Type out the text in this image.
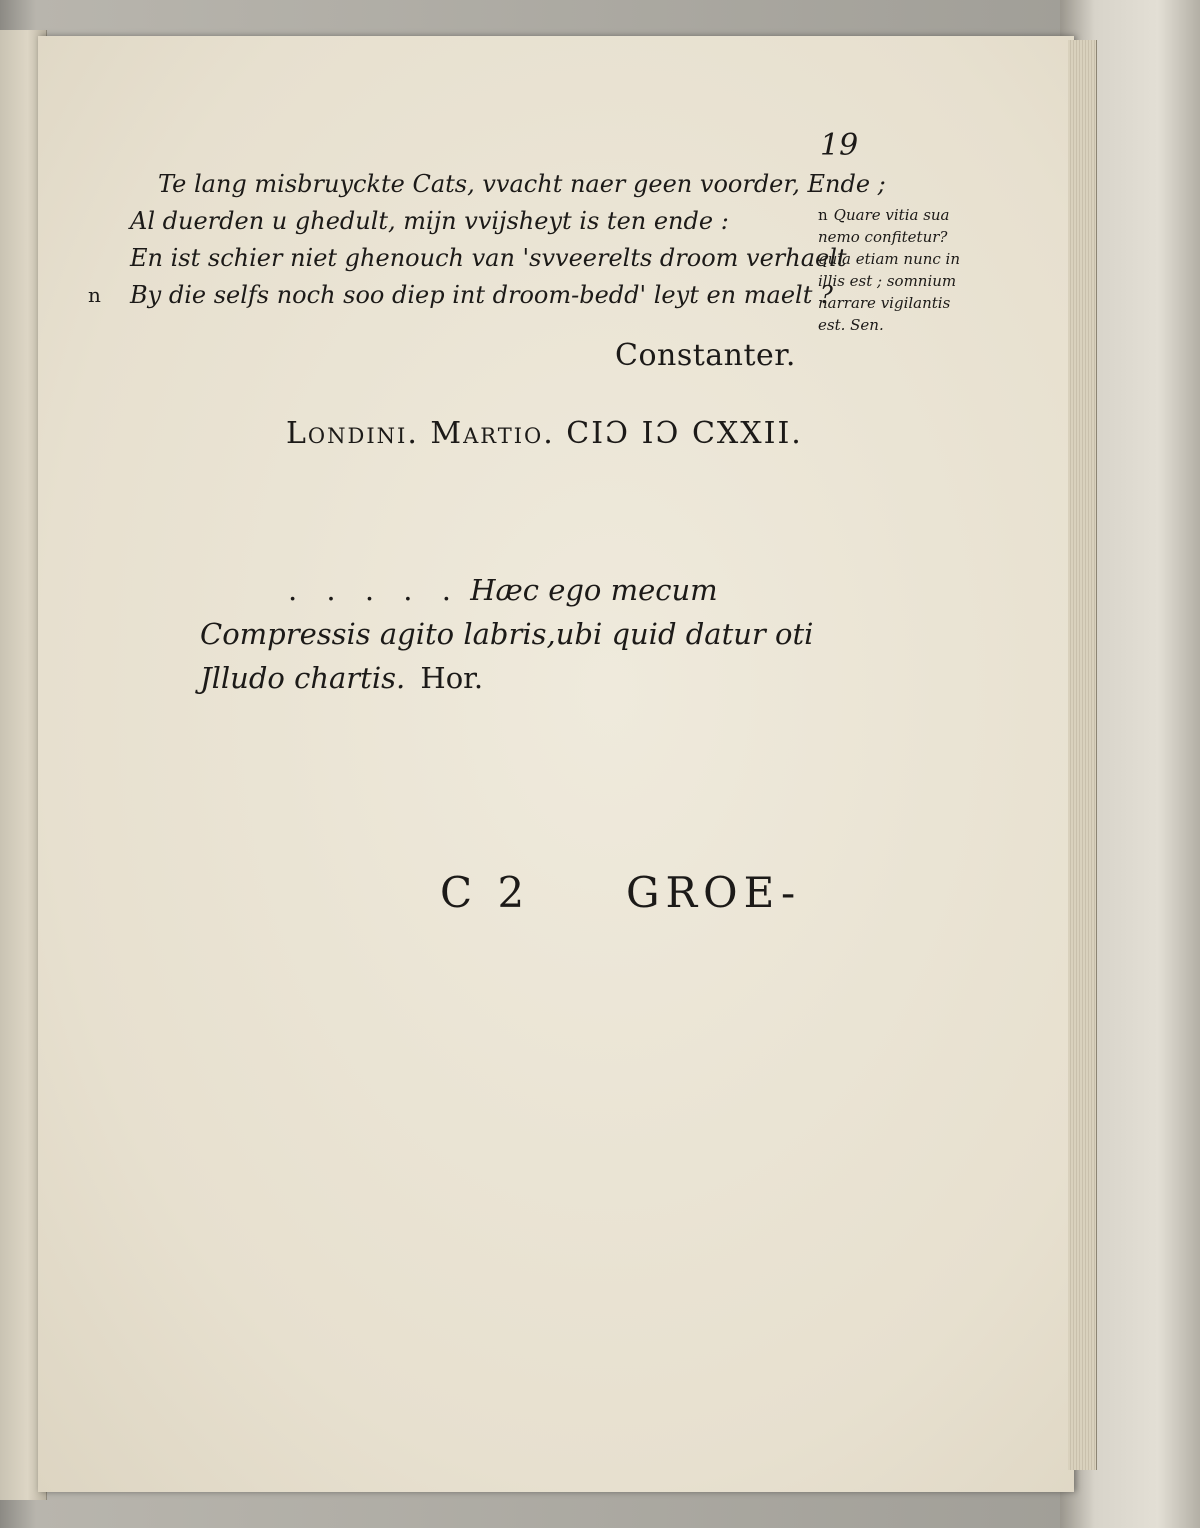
19

Te lang misbruyckte Cats, vvacht naer geen voorder, Ende ;
Al duerden u ghedult, mijn vvijsheyt is ten ende :
En ist schier niet ghenouch van 'svveerelts droom verhaelt
n By die selfs noch soo diep int droom-bedd' leyt en maelt ?
n Quare vitia sua
nemo confitetur?
quia etiam nunc in
illis est ; somnium
narrare vigilantis
est. Sen.

Constanter.

Londini. Martio. CIƆ IƆ CXXII.

. . . . . Hæc ego mecum
Compressis agito labris,ubi quid datur oti
Jlludo chartis. Hor.

C 2 GROE-
